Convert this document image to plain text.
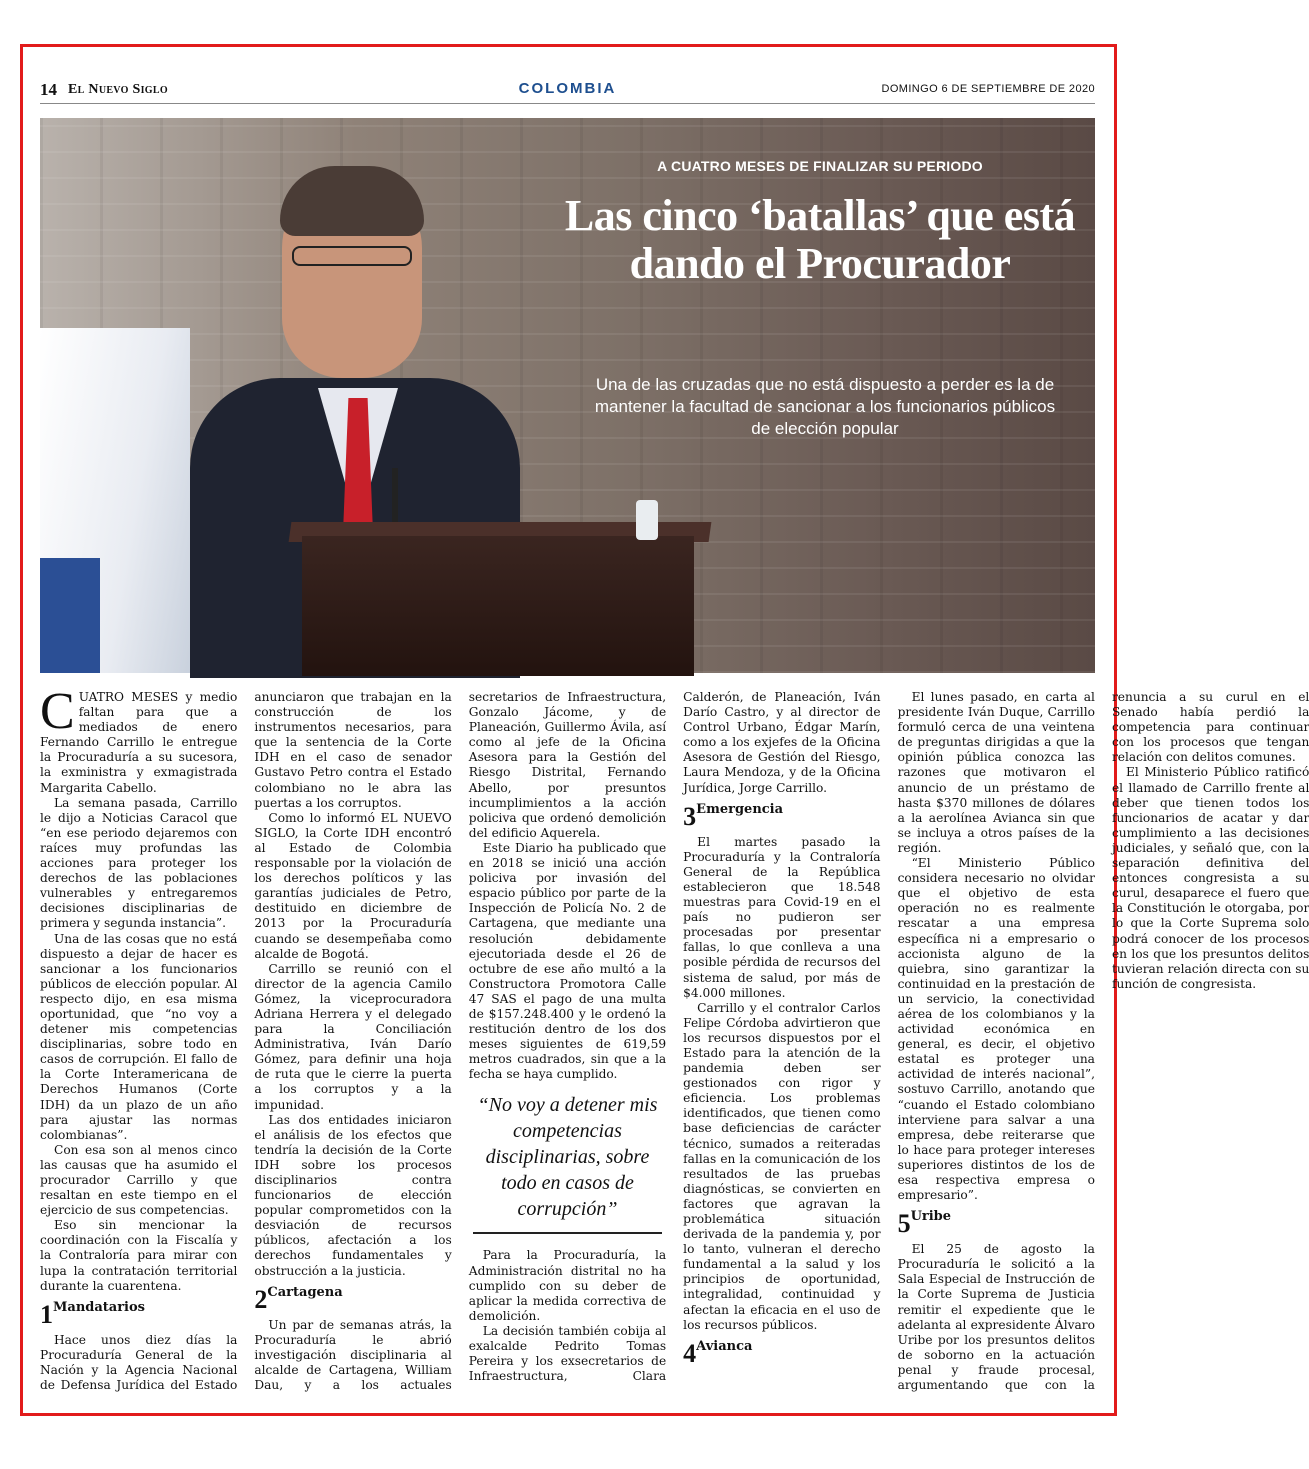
14 El Nuevo Siglo	COLOMBIA	DOMINGO 6 DE SEPTIEMBRE DE 2020
A CUATRO MESES DE FINALIZAR SU PERIODO
Las cinco ‘batallas’ que está dando el Procurador
Una de las cruzadas que no está dispuesto a perder es la de mantener la facultad de sancionar a los funcionarios públicos de elección popular

CUATRO MESES y medio faltan para que a mediados de enero Fernando Carrillo le entregue la Procuraduría a su sucesora, la exministra y exmagistrada Margarita Cabello.

La semana pasada, Carrillo le dijo a Noticias Caracol que “en ese periodo dejaremos con raíces muy profundas las acciones para proteger los derechos de las poblaciones vulnerables y entregaremos decisiones disciplinarias de primera y segunda instancia”.

Una de las cosas que no está dispuesto a dejar de hacer es sancionar a los funcionarios públicos de elección popular. Al respecto dijo, en esa misma oportunidad, que “no voy a detener mis competencias disciplinarias, sobre todo en casos de corrupción. El fallo de la Corte Interamericana de Derechos Humanos (Corte IDH) da un plazo de un año para ajustar las normas colombianas”.

Con esa son al menos cinco las causas que ha asumido el procurador Carrillo y que resaltan en este tiempo en el ejercicio de sus competencias.

Eso sin mencionar la coordinación con la Fiscalía y la Contraloría para mirar con lupa la contratación territorial durante la cuarentena.

1Mandatarios

Hace unos diez días la Procuraduría General de la Nación y la Agencia Nacional de Defensa Jurídica del Estado anunciaron que trabajan en la construcción de los instrumentos necesarios, para que la sentencia de la Corte IDH en el caso de senador Gustavo Petro contra el Estado colombiano no le abra las puertas a los corruptos.

Como lo informó EL NUEVO SIGLO, la Corte IDH encontró al Estado de Colombia responsable por la violación de los derechos políticos y las garantías judiciales de Petro, destituido en diciembre de 2013 por la Procuraduría cuando se desempeñaba como alcalde de Bogotá.

Carrillo se reunió con el director de la agencia Camilo Gómez, la viceprocuradora Adriana Herrera y el delegado para la Conciliación Administrativa, Iván Darío Gómez, para definir una hoja de ruta que le cierre la puerta a los corruptos y a la impunidad.

Las dos entidades iniciaron el análisis de los efectos que tendría la decisión de la Corte IDH sobre los procesos disciplinarios contra funcionarios de elección popular comprometidos con la desviación de recursos públicos, afectación a los derechos fundamentales y obstrucción a la justicia.

2Cartagena

Un par de semanas atrás, la Procuraduría le abrió investigación disciplinaria al alcalde de Cartagena, William Dau, y a los actuales secretarios de Infraestructura, Gonzalo Jácome, y de Planeación, Guillermo Ávila, así como al jefe de la Oficina Asesora para la Gestión del Riesgo Distrital, Fernando Abello, por presuntos incumplimientos a la acción policiva que ordenó demolición del edificio Aquerela.

Este Diario ha publicado que en 2018 se inició una acción policiva por invasión del espacio público por parte de la Inspección de Policía No. 2 de Cartagena, que mediante una resolución debidamente ejecutoriada desde el 26 de octubre de ese año multó a la Constructora Promotora Calle 47 SAS el pago de una multa de $157.248.400 y le ordenó la restitución dentro de los dos meses siguientes de 619,59 metros cuadrados, sin que a la fecha se haya cumplido.

“No voy a detener mis competencias disciplinarias, sobre todo en casos de corrupción”

Para la Procuraduría, la Administración distrital no ha cumplido con su deber de aplicar la medida correctiva de demolición.

La decisión también cobija al exalcalde Pedrito Tomas Pereira y los exsecretarios de Infraestructura, Clara Calderón, de Planeación, Iván Darío Castro, y al director de Control Urbano, Édgar Marín, como a los exjefes de la Oficina Asesora de Gestión del Riesgo, Laura Mendoza, y de la Oficina Jurídica, Jorge Carrillo.

3Emergencia

El martes pasado la Procuraduría y la Contraloría General de la República establecieron que 18.548 muestras para Covid-19 en el país no pudieron ser procesadas por presentar fallas, lo que conlleva a una posible pérdida de recursos del sistema de salud, por más de $4.000 millones.

Carrillo y el contralor Carlos Felipe Córdoba advirtieron que los recursos dispuestos por el Estado para la atención de la pandemia deben ser gestionados con rigor y eficiencia. Los problemas identificados, que tienen como base deficiencias de carácter técnico, sumados a reiteradas fallas en la comunicación de los resultados de las pruebas diagnósticas, se convierten en factores que agravan la problemática situación derivada de la pandemia y, por lo tanto, vulneran el derecho fundamental a la salud y los principios de oportunidad, integralidad, continuidad y afectan la eficacia en el uso de los recursos públicos.

4Avianca

El lunes pasado, en carta al presidente Iván Duque, Carrillo formuló cerca de una veintena de preguntas dirigidas a que la opinión pública conozca las razones que motivaron el anuncio de un préstamo de hasta $370 millones de dólares a la aerolínea Avianca sin que se incluya a otros países de la región.

“El Ministerio Público considera necesario no olvidar que el objetivo de esta operación no es realmente rescatar a una empresa específica ni a empresario o accionista alguno de la quiebra, sino garantizar la continuidad en la prestación de un servicio, la conectividad aérea de los colombianos y la actividad económica en general, es decir, el objetivo estatal es proteger una actividad de interés nacional”, sostuvo Carrillo, anotando que “cuando el Estado colombiano interviene para salvar a una empresa, debe reiterarse que lo hace para proteger intereses superiores distintos de los de esa respectiva empresa o empresario”.

5Uribe

El 25 de agosto la Procuraduría le solicitó a la Sala Especial de Instrucción de la Corte Suprema de Justicia remitir el expediente que le adelanta al expresidente Álvaro Uribe por los presuntos delitos de soborno en la actuación penal y fraude procesal, argumentando que con la renuncia a su curul en el Senado había perdió la competencia para continuar con los procesos que tengan relación con delitos comunes.

El Ministerio Público ratificó el llamado de Carrillo frente al deber que tienen todos los funcionarios de acatar y dar cumplimiento a las decisiones judiciales, y señaló que, con la separación definitiva del entonces congresista a su curul, desaparece el fuero que la Constitución le otorgaba, por lo que la Corte Suprema solo podrá conocer de los procesos en los que los presuntos delitos tuvieran relación directa con su función de congresista.
